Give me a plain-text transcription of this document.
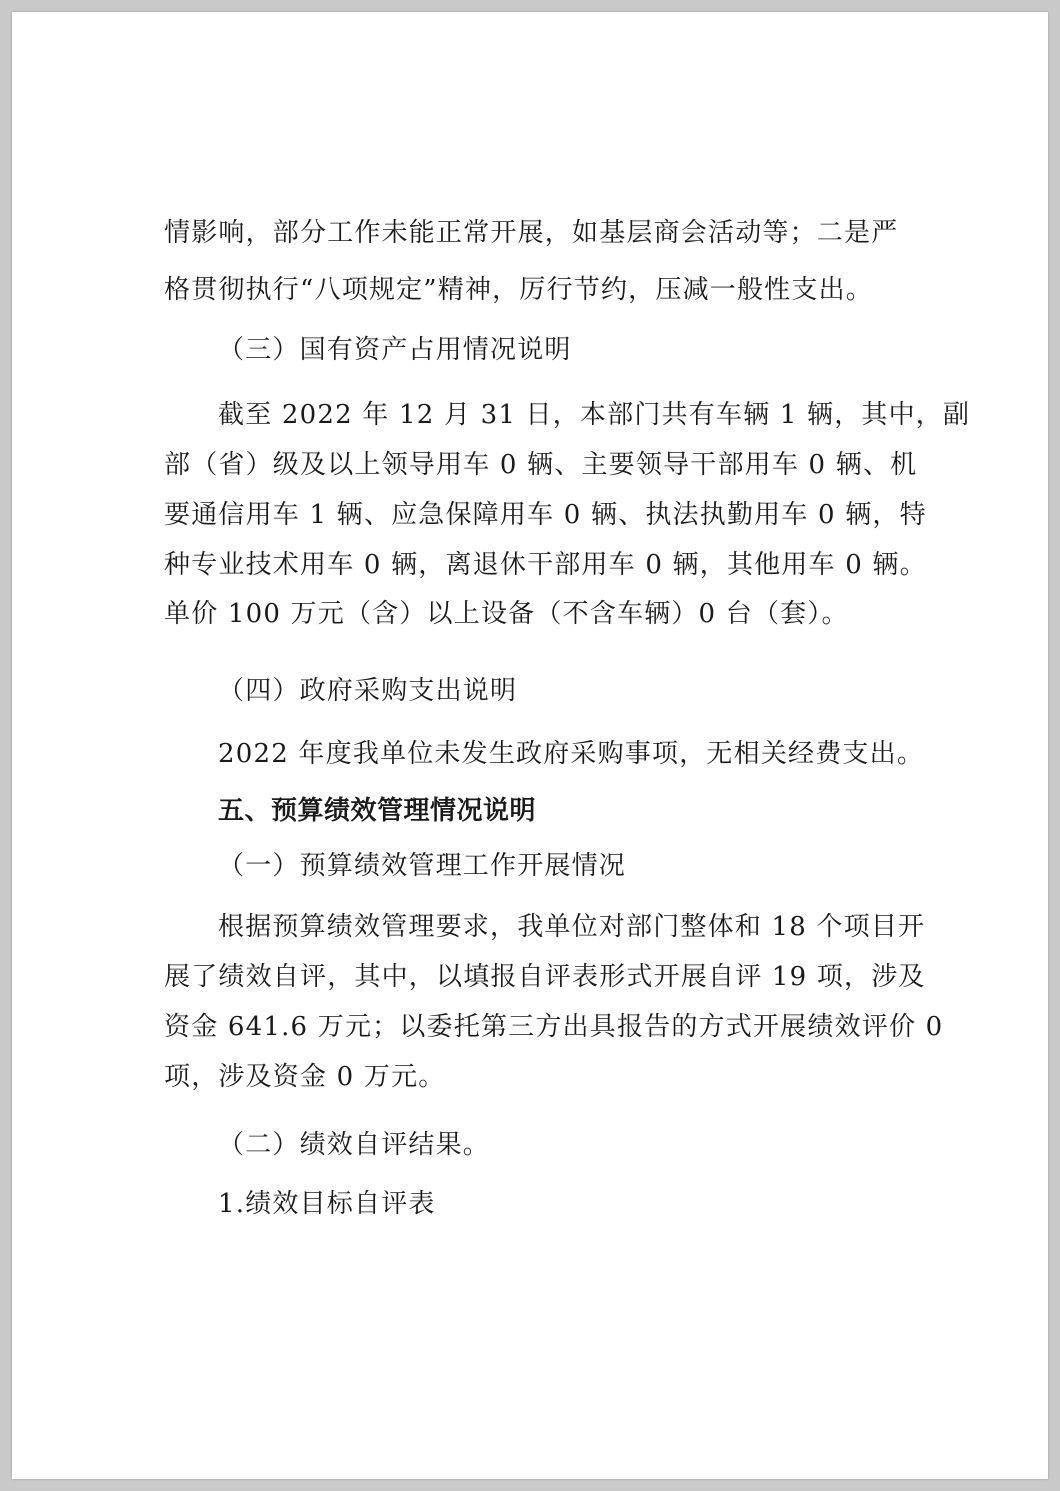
情影响，部分工作未能正常开展，如基层商会活动等；二是严
格贯彻执行“八项规定”精神，厉行节约，压减一般性支出。
（三）国有资产占用情况说明
截至 2022 年 12 月 31 日，本部门共有车辆 1 辆，其中，副
部（省）级及以上领导用车 0 辆、主要领导干部用车 0 辆、机
要通信用车 1 辆、应急保障用车 0 辆、执法执勤用车 0 辆，特
种专业技术用车 0 辆，离退休干部用车 0 辆，其他用车 0 辆。
单价 100 万元（含）以上设备（不含车辆）0 台（套）。
（四）政府采购支出说明
2022 年度我单位未发生政府采购事项，无相关经费支出。
五、预算绩效管理情况说明
（一）预算绩效管理工作开展情况
根据预算绩效管理要求，我单位对部门整体和 18 个项目开
展了绩效自评，其中，以填报自评表形式开展自评 19 项，涉及
资金 641.6 万元；以委托第三方出具报告的方式开展绩效评价 0
项，涉及资金 0 万元。
（二）绩效自评结果。
1.绩效目标自评表
